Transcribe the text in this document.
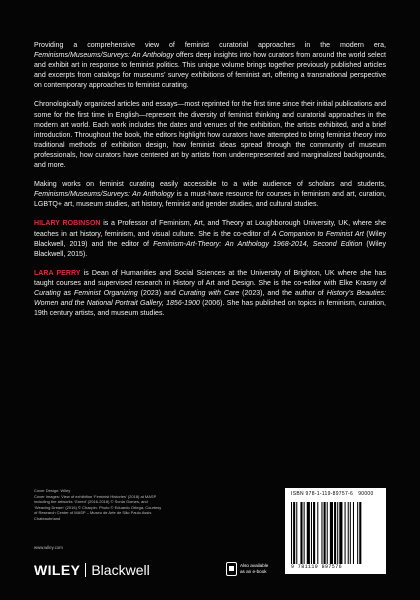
Providing a comprehensive view of feminist curatorial approaches in the modern era, Feminisms/Museums/Surveys: An Anthology offers deep insights into how curators from around the world select and exhibit art in response to feminist politics. This unique volume brings together previously published articles and excerpts from catalogs for museums’ survey exhibitions of feminist art, offering a transnational perspective on contemporary approaches to feminist curating.

Chronologically organized articles and essays—most reprinted for the first time since their initial publications and some for the first time in English—represent the diversity of feminist thinking and curatorial approaches in the modern art world. Each work includes the dates and venues of the exhibition, the artists exhibited, and a brief introduction. Throughout the book, the editors highlight how curators have attempted to bring feminist theory into traditional methods of exhibition design, how feminist ideas spread through the community of museum professionals, how curators have centered art by artists from underrepresented and marginalized backgrounds, and more.

Making works on feminist curating easily accessible to a wide audience of scholars and students, Feminisms/Museums/Surveys: An Anthology is a must-have resource for courses in feminism and art, curation, LGBTQ+ art, museum studies, art history, feminist and gender studies, and cultural studies.

HILARY ROBINSON is a Professor of Feminism, Art, and Theory at Loughborough University, UK, where she teaches in art history, feminism, and visual culture. She is the co-editor of A Companion to Feminist Art (Wiley Blackwell, 2019) and the editor of Feminism-Art-Theory: An Anthology 1968-2014, Second Edition (Wiley Blackwell, 2015).

LARA PERRY is Dean of Humanities and Social Sciences at the University of Brighton, UK where she has taught courses and supervised research in History of Art and Design. She is the co-editor with Elke Krasny of Curating as Feminist Organizing (2023) and Curating with Care (2023), and the author of History’s Beauties: Women and the National Portrait Gallery, 1856-1900 (2006). She has published on topics in feminism, curation, 19th century artists, and museum studies.

Cover Design: Wiley
Cover Images: View of exhibition ‘Feminist Histories’ (2018) at MASP
including the artworks ‘Greed’ (2016-2018) © Sonia Gomes, and
‘Weaving Dream’ (2016) © Chacpin. Photo © Eduardo Ortega, Courtesy
of Research Center of MASP – Museu de Arte de São Paulo Assis
Chateaubriand
www.wiley.com
WILEY Blackwell	Also available
as an e-book
ISBN 978-1-119-89757-6 90000
9 781119 897576
